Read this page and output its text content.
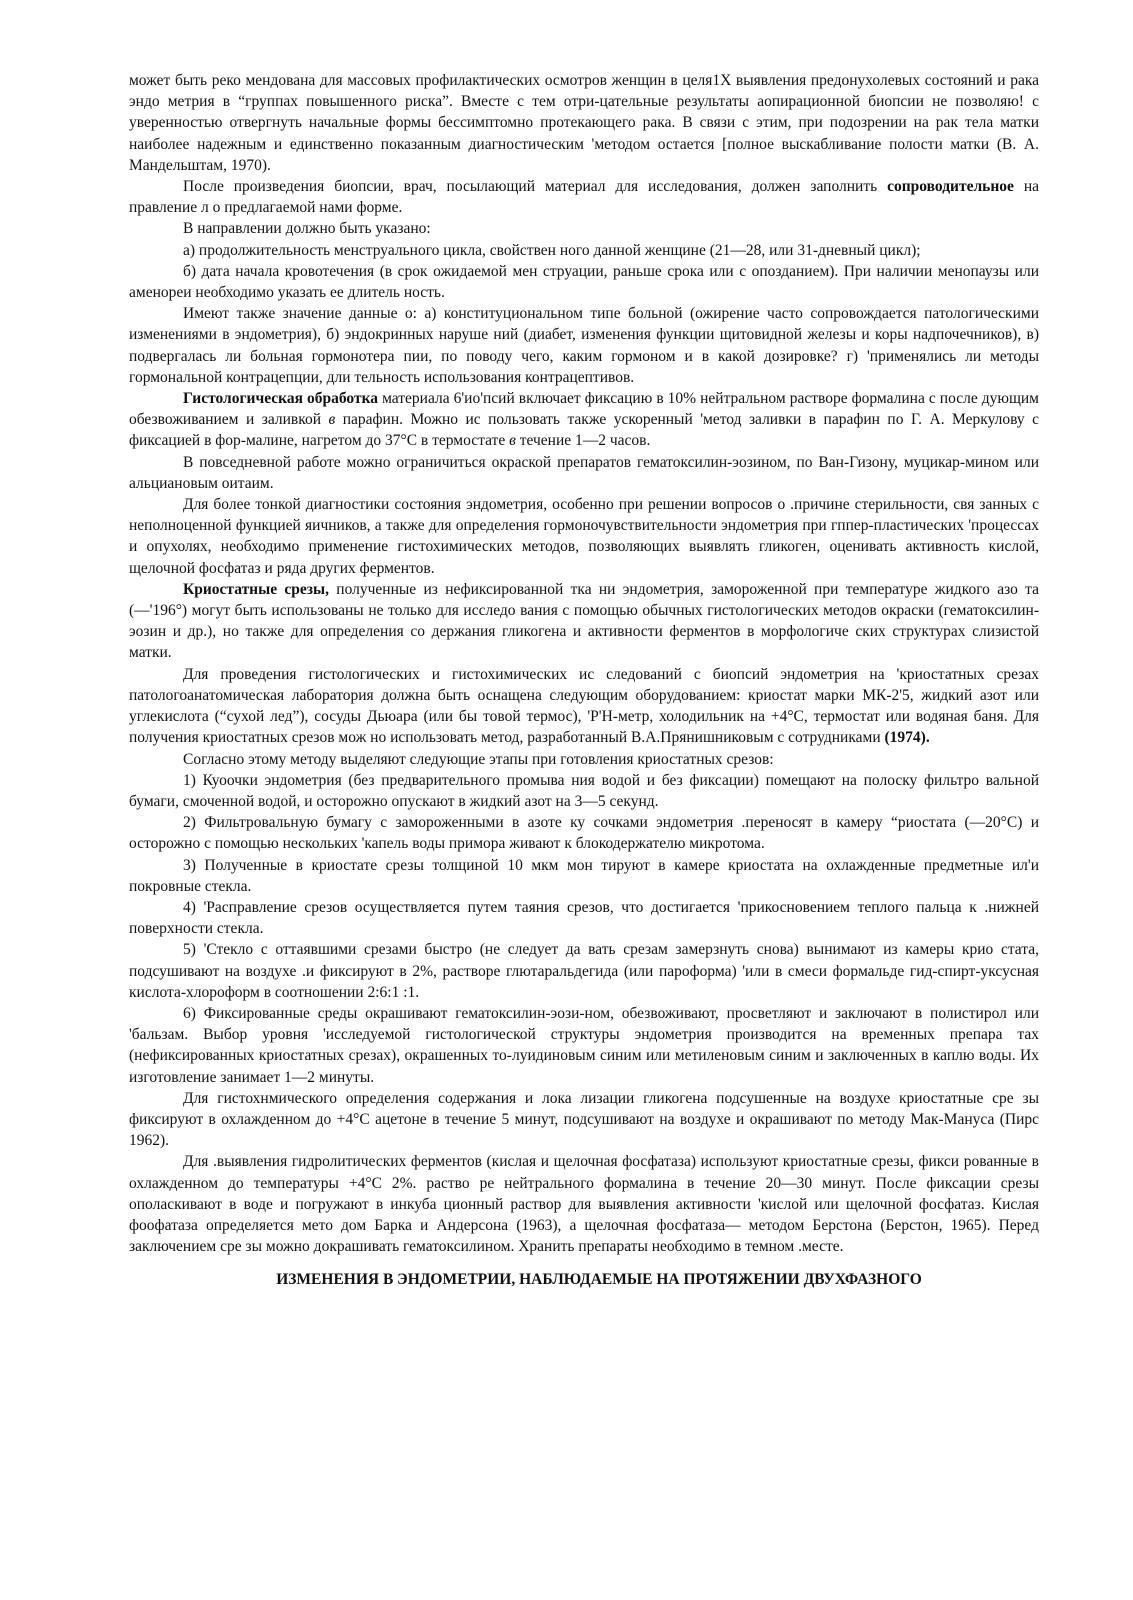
может быть реко мендована для массовых профилактических осмотров женщин в целя1Х выявления предонухолевых состояний и рака эндо метрия в “группах повышенного риска”. Вместе с тем отри-цательные результаты аопирационной биопсии не позволяю! с уверенностью отвергнуть начальные формы бессимптомно протекающего рака. В связи с этим, при подозрении на рак тела матки наиболее надежным и единственно показанным диагностическим 'методом остается [полное выскабливание полости матки (В. А. Мандельштам, 1970).

После произведения биопсии, врач, посылающий материал для исследования, должен заполнить сопроводительное на правление л о предлагаемой нами форме.

В направлении должно быть указано:

а) продолжительность менструального цикла, свойствен ного данной женщине (21—28, или 31-дневный цикл);

б) дата начала кровотечения (в срок ожидаемой мен струации, раньше срока или с опозданием). При наличии менопаузы или аменореи необходимо указать ее длитель ность.

Имеют также значение данные о: а) конституциональном типе больной (ожирение часто сопровождается патологическими изменениями в эндометрия), б) эндокринных наруше ний (диабет, изменения функции щитовидной железы и коры надпочечников), в) подвергалась ли больная гормонотера пии, по поводу чего, каким гормоном и в какой дозировке? г) 'применялись ли методы гормональной контрацепции, дли тельность использования контрацептивов.

Гистологическая обработка материала 6'ио'псий включает фиксацию в 10% нейтральном растворе формалина с после дующим обезвоживанием и заливкой в парафин. Можно ис пользовать также ускоренный 'метод заливки в парафин по Г. А. Меркулову с фиксацией в фор-малине, нагретом до 37°С в термостате в течение 1—2 часов.

В повседневной работе можно ограничиться окраской препаратов гематоксилин-эозином, по Ван-Гизону, муцикар-мином или альциановым оитаим.

Для более тонкой диагностики состояния эндометрия, особенно при решении вопросов о .причине стерильности, свя занных с неполноценной функцией яичников, а также для определения гормоночувствительности эндометрия при гппер-пластических 'процессах и опухолях, необходимо применение гистохимических методов, позволяющих выявлять гликоген, оценивать активность кислой, щелочной фосфатаз и ряда других ферментов.

Криостатные срезы, полученные из нефиксированной тка ни эндометрия, замороженной при температуре жидкого азо та (—'196°) могут быть использованы не только для исследо вания с помощью обычных гистологических методов окраски (гематоксилин-эозин и др.), но также для определения со держания гликогена и активности ферментов в морфологиче ских структурах слизистой матки.

Для проведения гистологических и гистохимических ис следований с биопсий эндометрия на 'криостатных срезах патологоанатомическая лаборатория должна быть оснащена следующим оборудованием: криостат марки МК-2'5, жидкий азот или углекислота (“сухой лед”), сосуды Дьюара (или бы товой термос), 'Р'Н-метр, холодильник на +4°С, термостат или водяная баня. Для получения криостатных срезов мож но использовать метод, разработанный В.А.Прянишниковым с сотрудниками (1974).

Согласно этому методу выделяют следующие этапы при готовления криостатных срезов:

1) Куоочки эндометрия (без предварительного промыва ния водой и без фиксации) помещают на полоску фильтро вальной бумаги, смоченной водой, и осторожно опускают в жидкий азот на 3—5 секунд.

2) Фильтровальную бумагу с замороженными в азоте ку сочками эндометрия .переносят в камеру “риостата (—20°С) и осторожно с помощью нескольких 'капель воды примора живают к блокодержателю микротома.

3) Полученные в криостате срезы толщиной 10 мкм мон тируют в камере криостата на охлажденные предметные ил'и покровные стекла.

4) 'Расправление срезов осуществляется путем таяния срезов, что достигается 'прикосновением теплого пальца к .нижней поверхности стекла.

5) 'Стекло с оттаявшими срезами быстро (не следует да вать срезам замерзнуть снова) вынимают из камеры крио стата, подсушивают на воздухе .и фиксируют в 2%, растворе глютаральдегида (или пароформа) 'или в смеси формальде гид-спирт-уксусная кислота-хлороформ в соотношении 2:6:1 :1.

6) Фиксированные среды окрашивают гематоксилин-эози-ном, обезвоживают, просветляют и заключают в полистирол или 'бальзам. Выбор уровня 'исследуемой гистологической структуры эндометрия производится на временных препара тах (нефиксированных криостатных срезах), окрашенных то-луидиновым синим или метиленовым синим и заключенных в каплю воды. Их изготовление занимает 1—2 минуты.

Для гистохнмического определения содержания и лока лизации гликогена подсушенные на воздухе криостатные сре зы фиксируют в охлажденном до +4°С ацетоне в течение 5 минут, подсушивают на воздухе и окрашивают по методу Мак-Мануса (Пирс 1962).

Для .выявления гидролитических ферментов (кислая и щелочная фосфатаза) используют криостатные срезы, фикси рованные в охлажденном до температуры +4°С 2%. раство ре нейтрального формалина в течение 20—30 минут. После фиксации срезы ополаскивают в воде и погружают в инкуба ционный раствор для выявления активности 'кислой или щелочной фосфатаз. Кислая фоофатаза определяется мето дом Барка и Андерсона (1963), а щелочная фосфатаза— методом Берстона (Берстон, 1965). Перед заключением сре зы можно докрашивать гематоксилином. Хранить препараты необходимо в темном .месте.

ИЗМЕНЕНИЯ В ЭНДОМЕТРИИ, НАБЛЮДАЕМЫЕ НА ПРОТЯЖЕНИИ ДВУХФАЗНОГО
